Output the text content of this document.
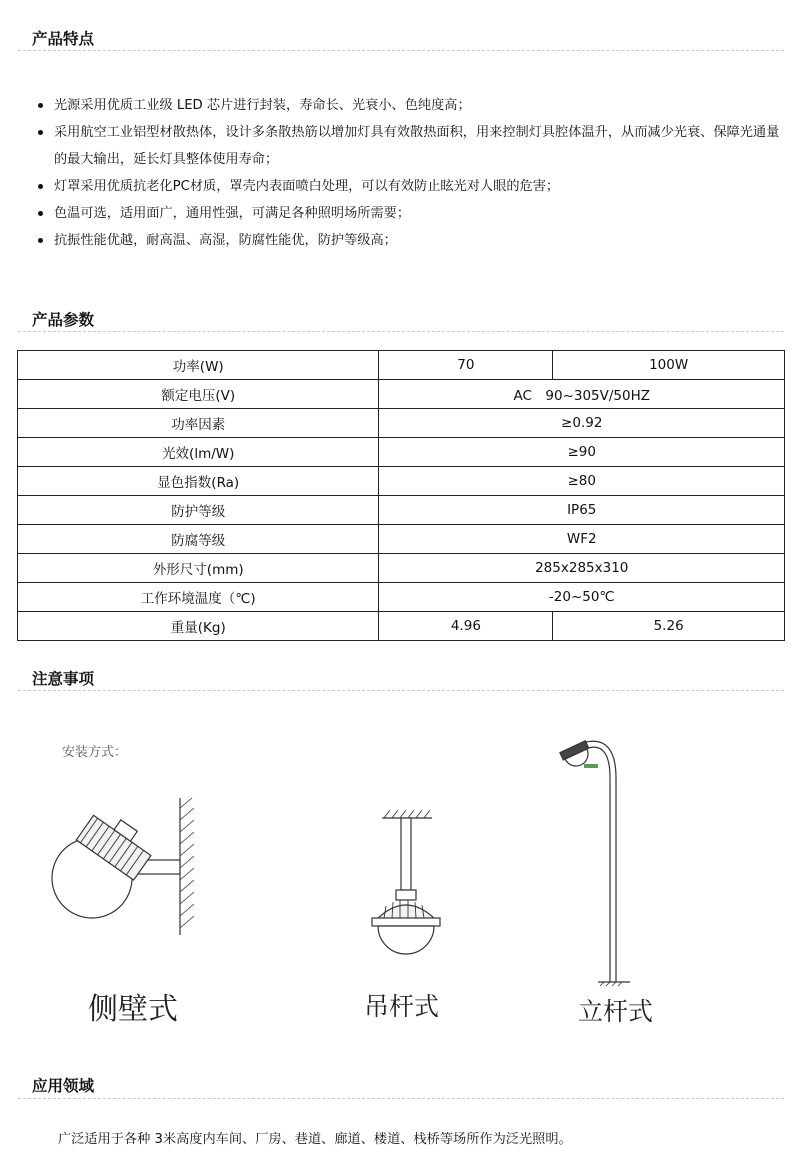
产品特点
光源采用优质工业级 LED 芯片进行封装，寿命长、光衰小、色纯度高；
采用航空工业铝型材散热体，设计多条散热筋以增加灯具有效散热面积，用来控制灯具腔体温升，从而减少光衰、保障光通量的最大输出，延长灯具整体使用寿命；
灯罩采用优质抗老化PC材质，罩壳内表面喷白处理，可以有效防止眩光对人眼的危害；
色温可选，适用面广，通用性强，可满足各种照明场所需要；
抗振性能优越，耐高温、高湿，防腐性能优，防护等级高；
产品参数
功率(W)	70	100W
额定电压(V)	AC　90~305V/50HZ	
功率因素	≥0.92	
光效(lm/W)	≥90	
显色指数(Ra)	≥80	
防护等级	IP65	
防腐等级	WF2	
外形尺寸(mm)	285x285x310	
工作环境温度（℃)	-20~50℃	
重量(Kg)	4.96	5.26
注意事项
安装方式：
侧壁式	吊杆式	立杆式
应用领域
广泛适用于各种 3米高度内车间、厂房、巷道、廊道、楼道、栈桥等场所作为泛光照明。
